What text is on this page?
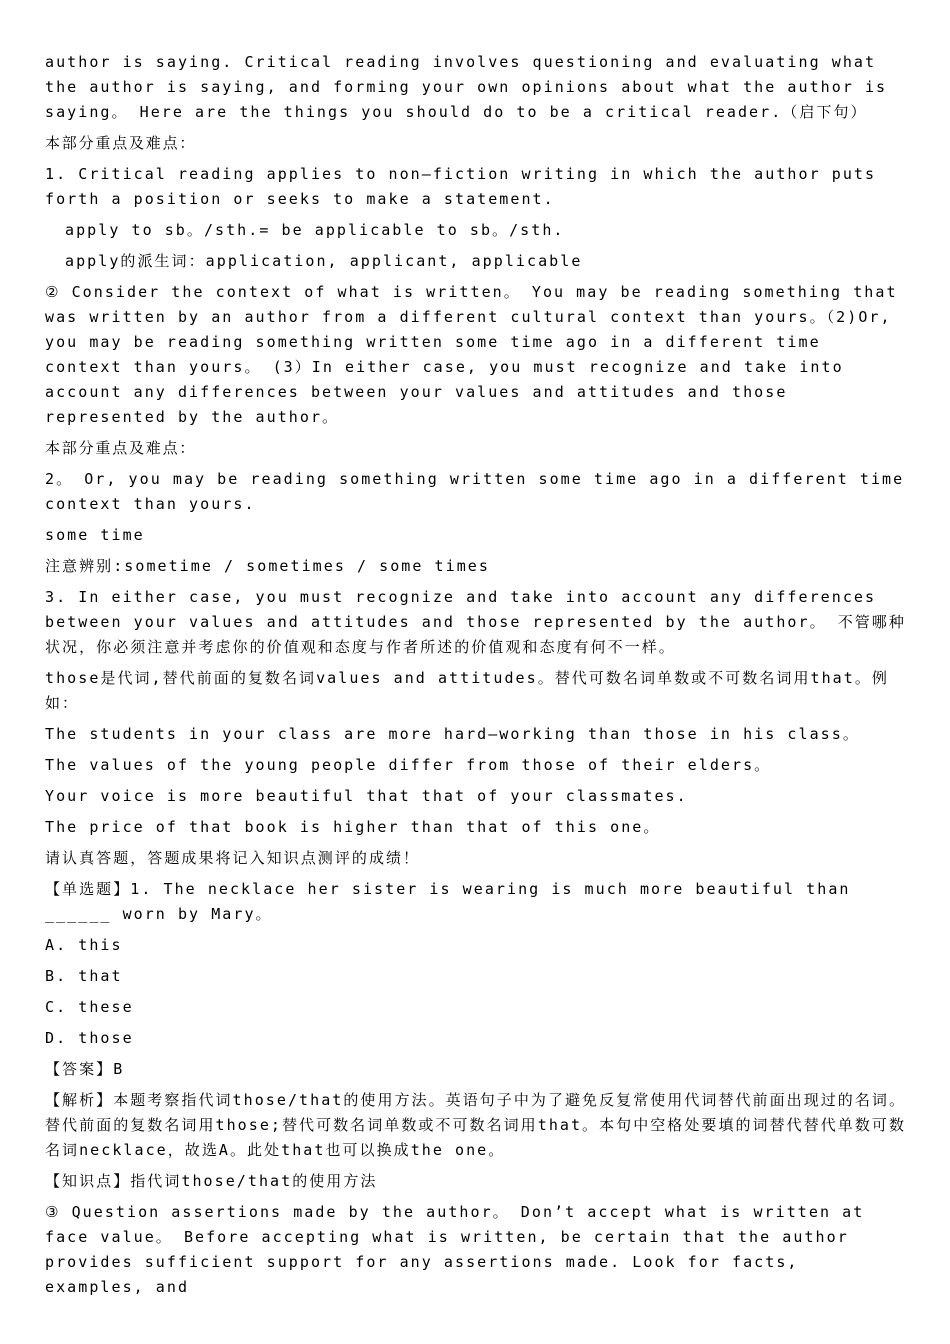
author is saying. Critical reading involves questioning and evaluating what the author is saying, and forming your own opinions about what the author is saying。 Here are the things you should do to be a critical reader.（启下句）

本部分重点及难点：

1. Critical reading applies to non—fiction writing in which the author puts forth a position or seeks to make a statement.

apply to sb。/sth.= be applicable to sb。/sth.

apply的派生词：application, applicant, applicable

② Consider the context of what is written。 You may be reading something that was written by an author from a different cultural context than yours。（2)Or, you may be reading something written some time ago in a different time context than yours。 (3）In either case, you must recognize and take into account any differences between your values and attitudes and those represented by the author。

本部分重点及难点：

2。 Or, you may be reading something written some time ago in a different time context than yours.

some time

注意辨别:sometime / sometimes / some times

3. In either case, you must recognize and take into account any differences between your values and attitudes and those represented by the author。 不管哪种状况，你必须注意并考虑你的价值观和态度与作者所述的价值观和态度有何不一样。

those是代词,替代前面的复数名词values and attitudes。替代可数名词单数或不可数名词用that。例如：

The students in your class are more hard—working than those in his class。

The values of the young people differ from those of their elders。

Your voice is more beautiful that that of your classmates.

The price of that book is higher than that of this one。

请认真答题，答题成果将记入知识点测评的成绩！

【单选题】1. The necklace her sister is wearing is much more beautiful than ______ worn by Mary。

A. this

B. that

C. these

D. those

【答案】B

【解析】本题考察指代词those/that的使用方法。英语句子中为了避免反复常使用代词替代前面出现过的名词。替代前面的复数名词用those;替代可数名词单数或不可数名词用that。本句中空格处要填的词替代替代单数可数名词necklace，故选A。此处that也可以换成the one。

【知识点】指代词those/that的使用方法

③ Question assertions made by the author。 Don’t accept what is written at face value。 Before accepting what is written, be certain that the author provides sufficient support for any assertions made. Look for facts, examples, and
